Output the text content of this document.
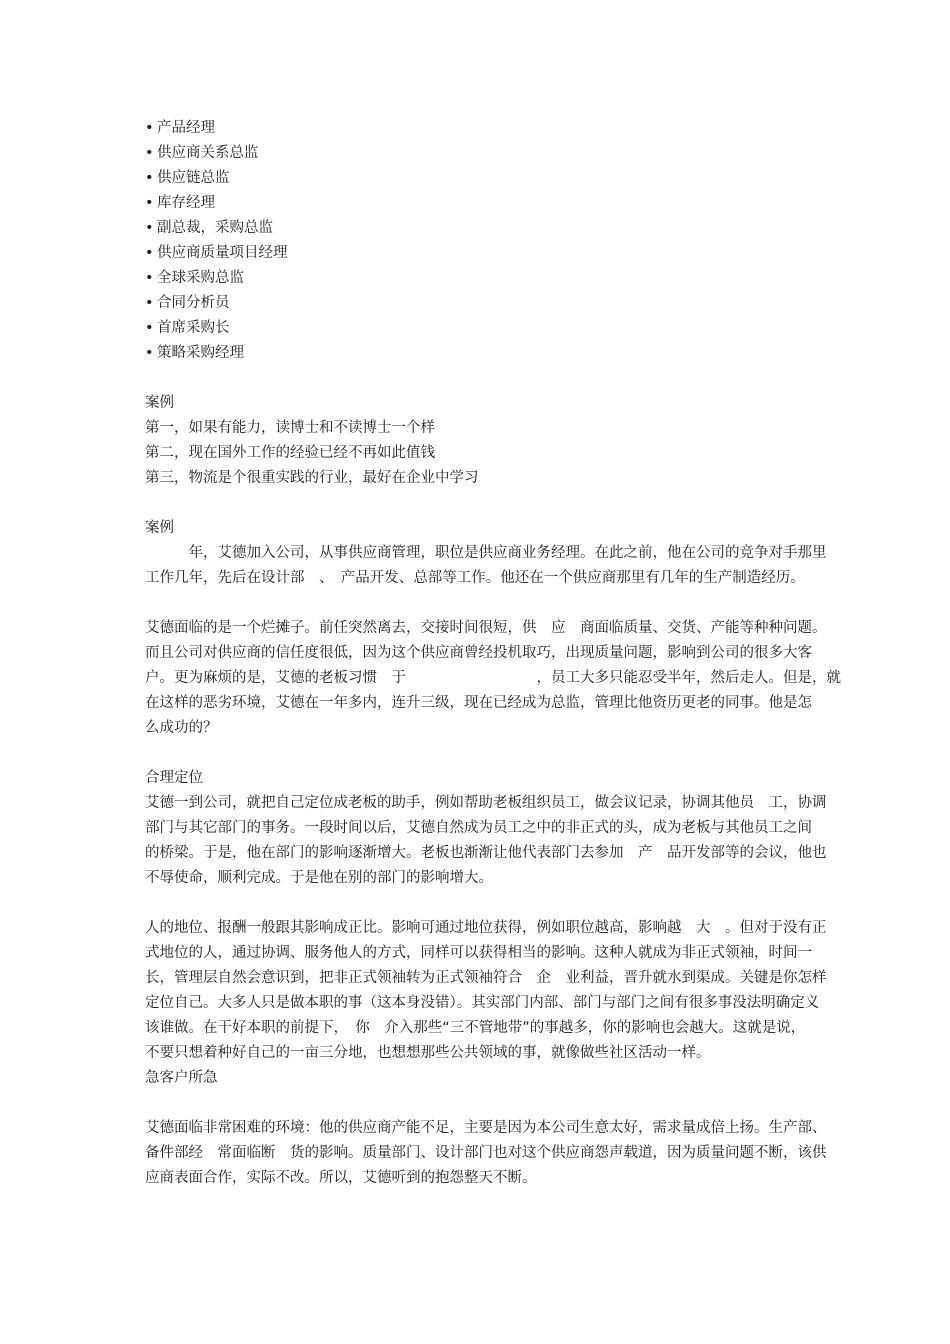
• 产品经理
• 供应商关系总监
• 供应链总监
• 库存经理
• 副总裁，采购总监
• 供应商质量项目经理
• 全球采购总监
• 合同分析员
• 首席采购长
• 策略采购经理
案例
第一，如果有能力，读博士和不读博士一个样
第二，现在国外工作的经验已经不再如此值钱
第三，物流是个很重实践的行业，最好在企业中学习
案例
　　　年，艾德加入公司，从事供应商管理，职位是供应商业务经理。在此之前，他在公司的竞争对手那里
工作几年，先后在设计部　、　产品开发、总部等工作。他还在一个供应商那里有几年的生产制造经历。
艾德面临的是一个烂摊子。前任突然离去，交接时间很短，供　应　商面临质量、交货、产能等种种问题。
而且公司对供应商的信任度很低，因为这个供应商曾经投机取巧，出现质量问题，影响到公司的很多大客
户。更为麻烦的是，艾德的老板习惯　于　　　　　　　　　，员工大多只能忍受半年，然后走人。但是，就
在这样的恶劣环境，艾德在一年多内，连升三级，现在已经成为总监，管理比他资历更老的同事。他是怎
么成功的？
合理定位
艾德一到公司，就把自己定位成老板的助手，例如帮助老板组织员工，做会议记录，协调其他员　工，协调
部门与其它部门的事务。一段时间以后，艾德自然成为员工之中的非正式的头，成为老板与其他员工之间
的桥梁。于是，他在部门的影响逐渐增大。老板也渐渐让他代表部门去参加　产　品开发部等的会议，他也
不辱使命，顺利完成。于是他在别的部门的影响增大。
人的地位、报酬一般跟其影响成正比。影响可通过地位获得，例如职位越高，影响越　大　。但对于没有正
式地位的人，通过协调、服务他人的方式，同样可以获得相当的影响。这种人就成为非正式领袖，时间一
长，管理层自然会意识到，把非正式领袖转为正式领袖符合　企　业利益，晋升就水到渠成。关键是你怎样
定位自己。大多人只是做本职的事（这本身没错）。其实部门内部、部门与部门之间有很多事没法明确定义
该谁做。在干好本职的前提下，　你　介入那些“三不管地带”的事越多，你的影响也会越大。这就是说，
不要只想着种好自己的一亩三分地，也想想那些公共领域的事，就像做些社区活动一样。
急客户所急
艾德面临非常困难的环境：他的供应商产能不足，主要是因为本公司生意太好，需求量成倍上扬。生产部、
备件部经　常面临断　货的影响。质量部门、设计部门也对这个供应商怨声载道，因为质量问题不断，该供
应商表面合作，实际不改。所以，艾德听到的抱怨整天不断。
